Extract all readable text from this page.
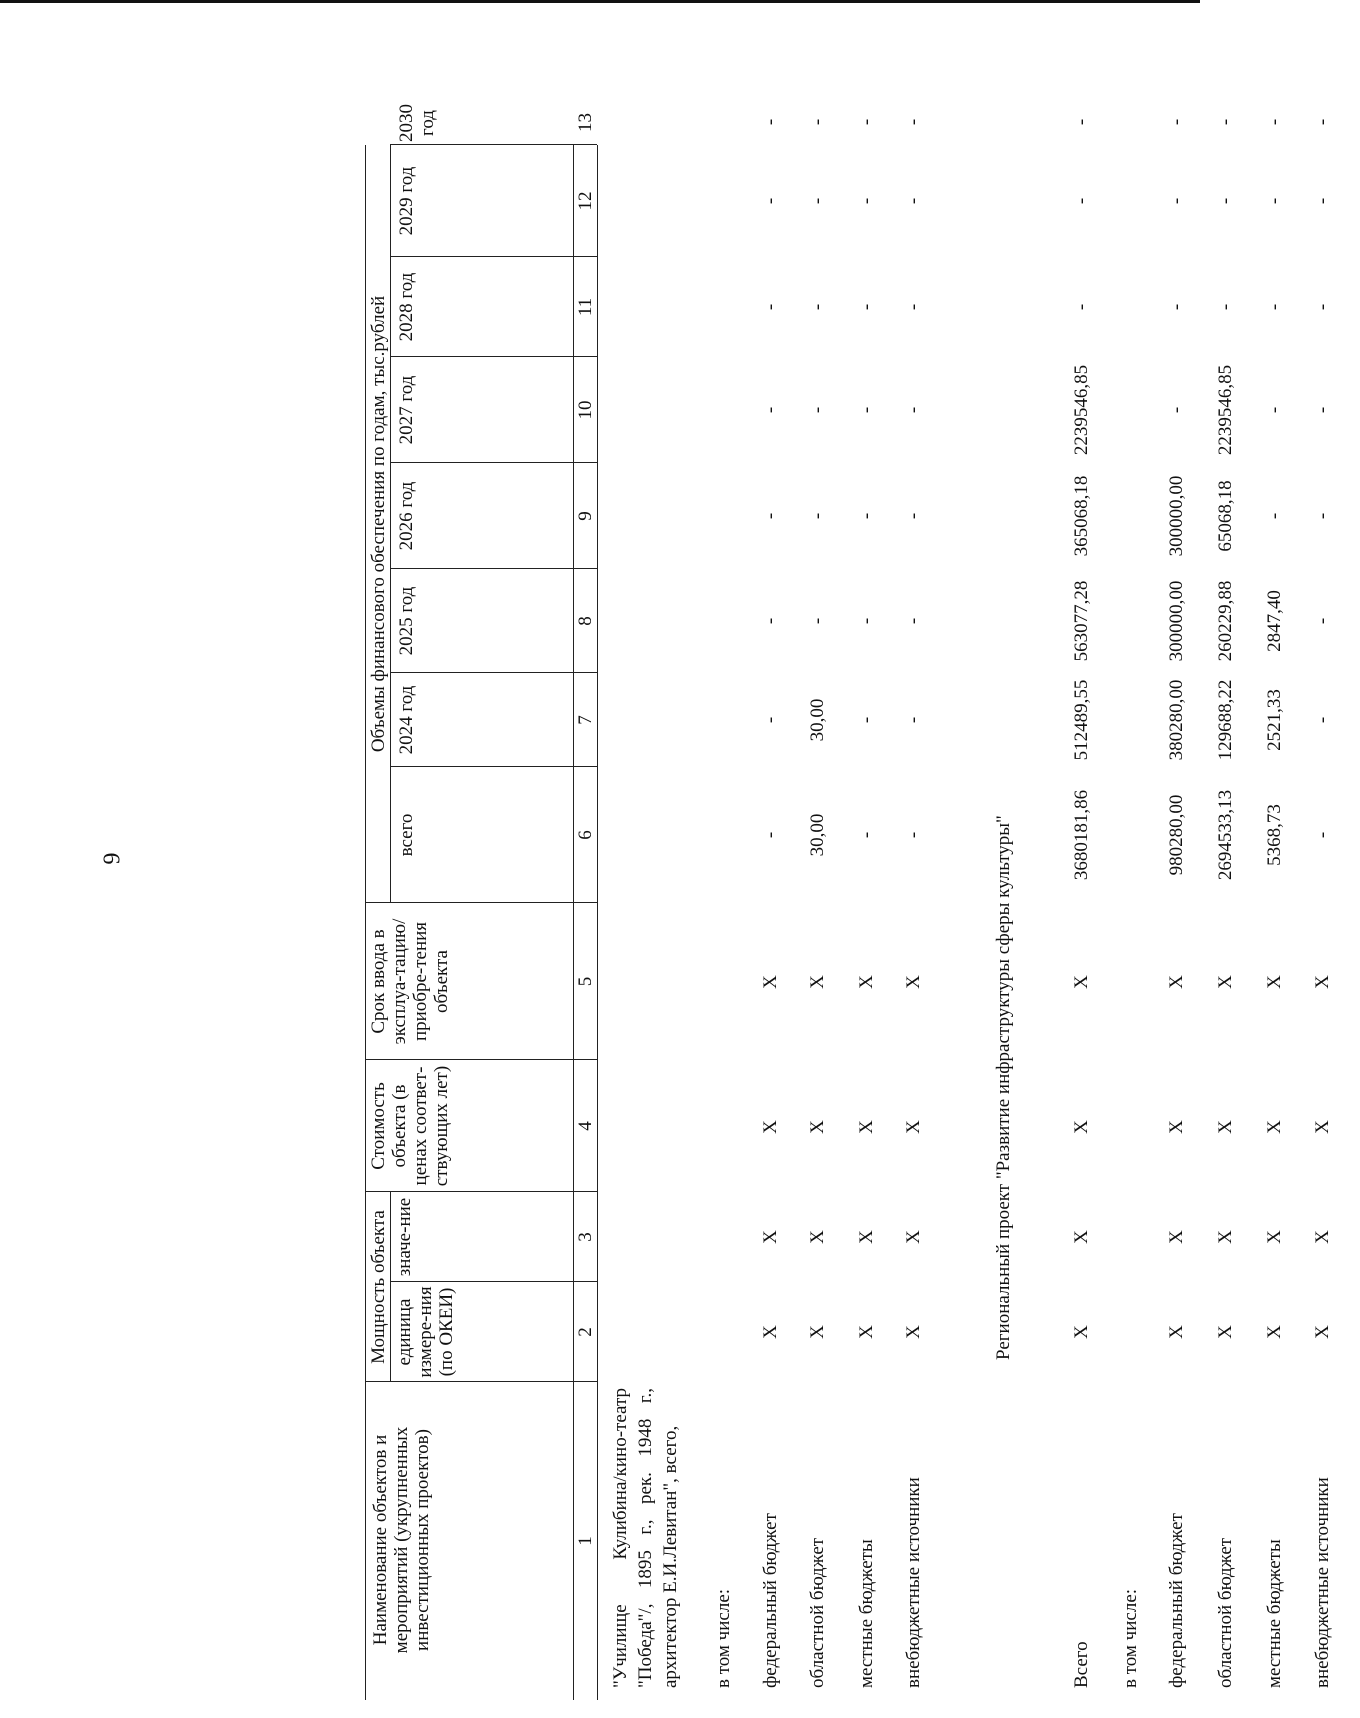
6
Наименование объектов и мероприятий (укрупненных инвестиционных проектов)
Мощность объекта единица измере-ния (по ОКЕИ)
значе-ние
Стоимость объекта (в ценах соответ-ствующих лет)
Срок ввода в эксплуа-тацию/ приобре-тения объекта
Объемы финансового обеспечения по годам, тыс.рублей
всего
2024 год
2025 год
2026 год
2027 год
2028 год
2029 год
2030 год
1
2
3
4
5
6
7
8
9
10
11
12
13
"Училище Кулибина/кино-театр "Победа"/, 1895 г., рек. 1948 г., архитектор Е.И.Левитан", всего, в том числе: федеральный бюджет
X
X
X
X
-
-
-
-
-
-
-
-
областной бюджет
X
X
X
X
30,00
30,00
-
-
-
-
-
-
местные бюджеты
X
X
X
X
-
-
-
-
-
-
-
-
внебюджетные источники
X
X
X
X
-
-
-
-
-
-
-
-
Всего
X
X
X
X
3680181,86
512489,55
563077,28
365068,18
2239546,85
-
-
-
федеральный бюджет
X
X
X
X
980280,00
380280,00
300000,00
300000,00
-
-
-
-
областной бюджет
X
X
X
X
2694533,13
129688,22
260229,88
65068,18
2239546,85
-
-
-
местные бюджеты
X
X
X
X
5368,73
2521,33
2847,40
-
-
-
-
-
внебюджетные источники
X
X
X
X
-
-
-
-
-
-
-
-
Региональный проект "Развитие инфраструктуры сферы культуры"
в том числе:
